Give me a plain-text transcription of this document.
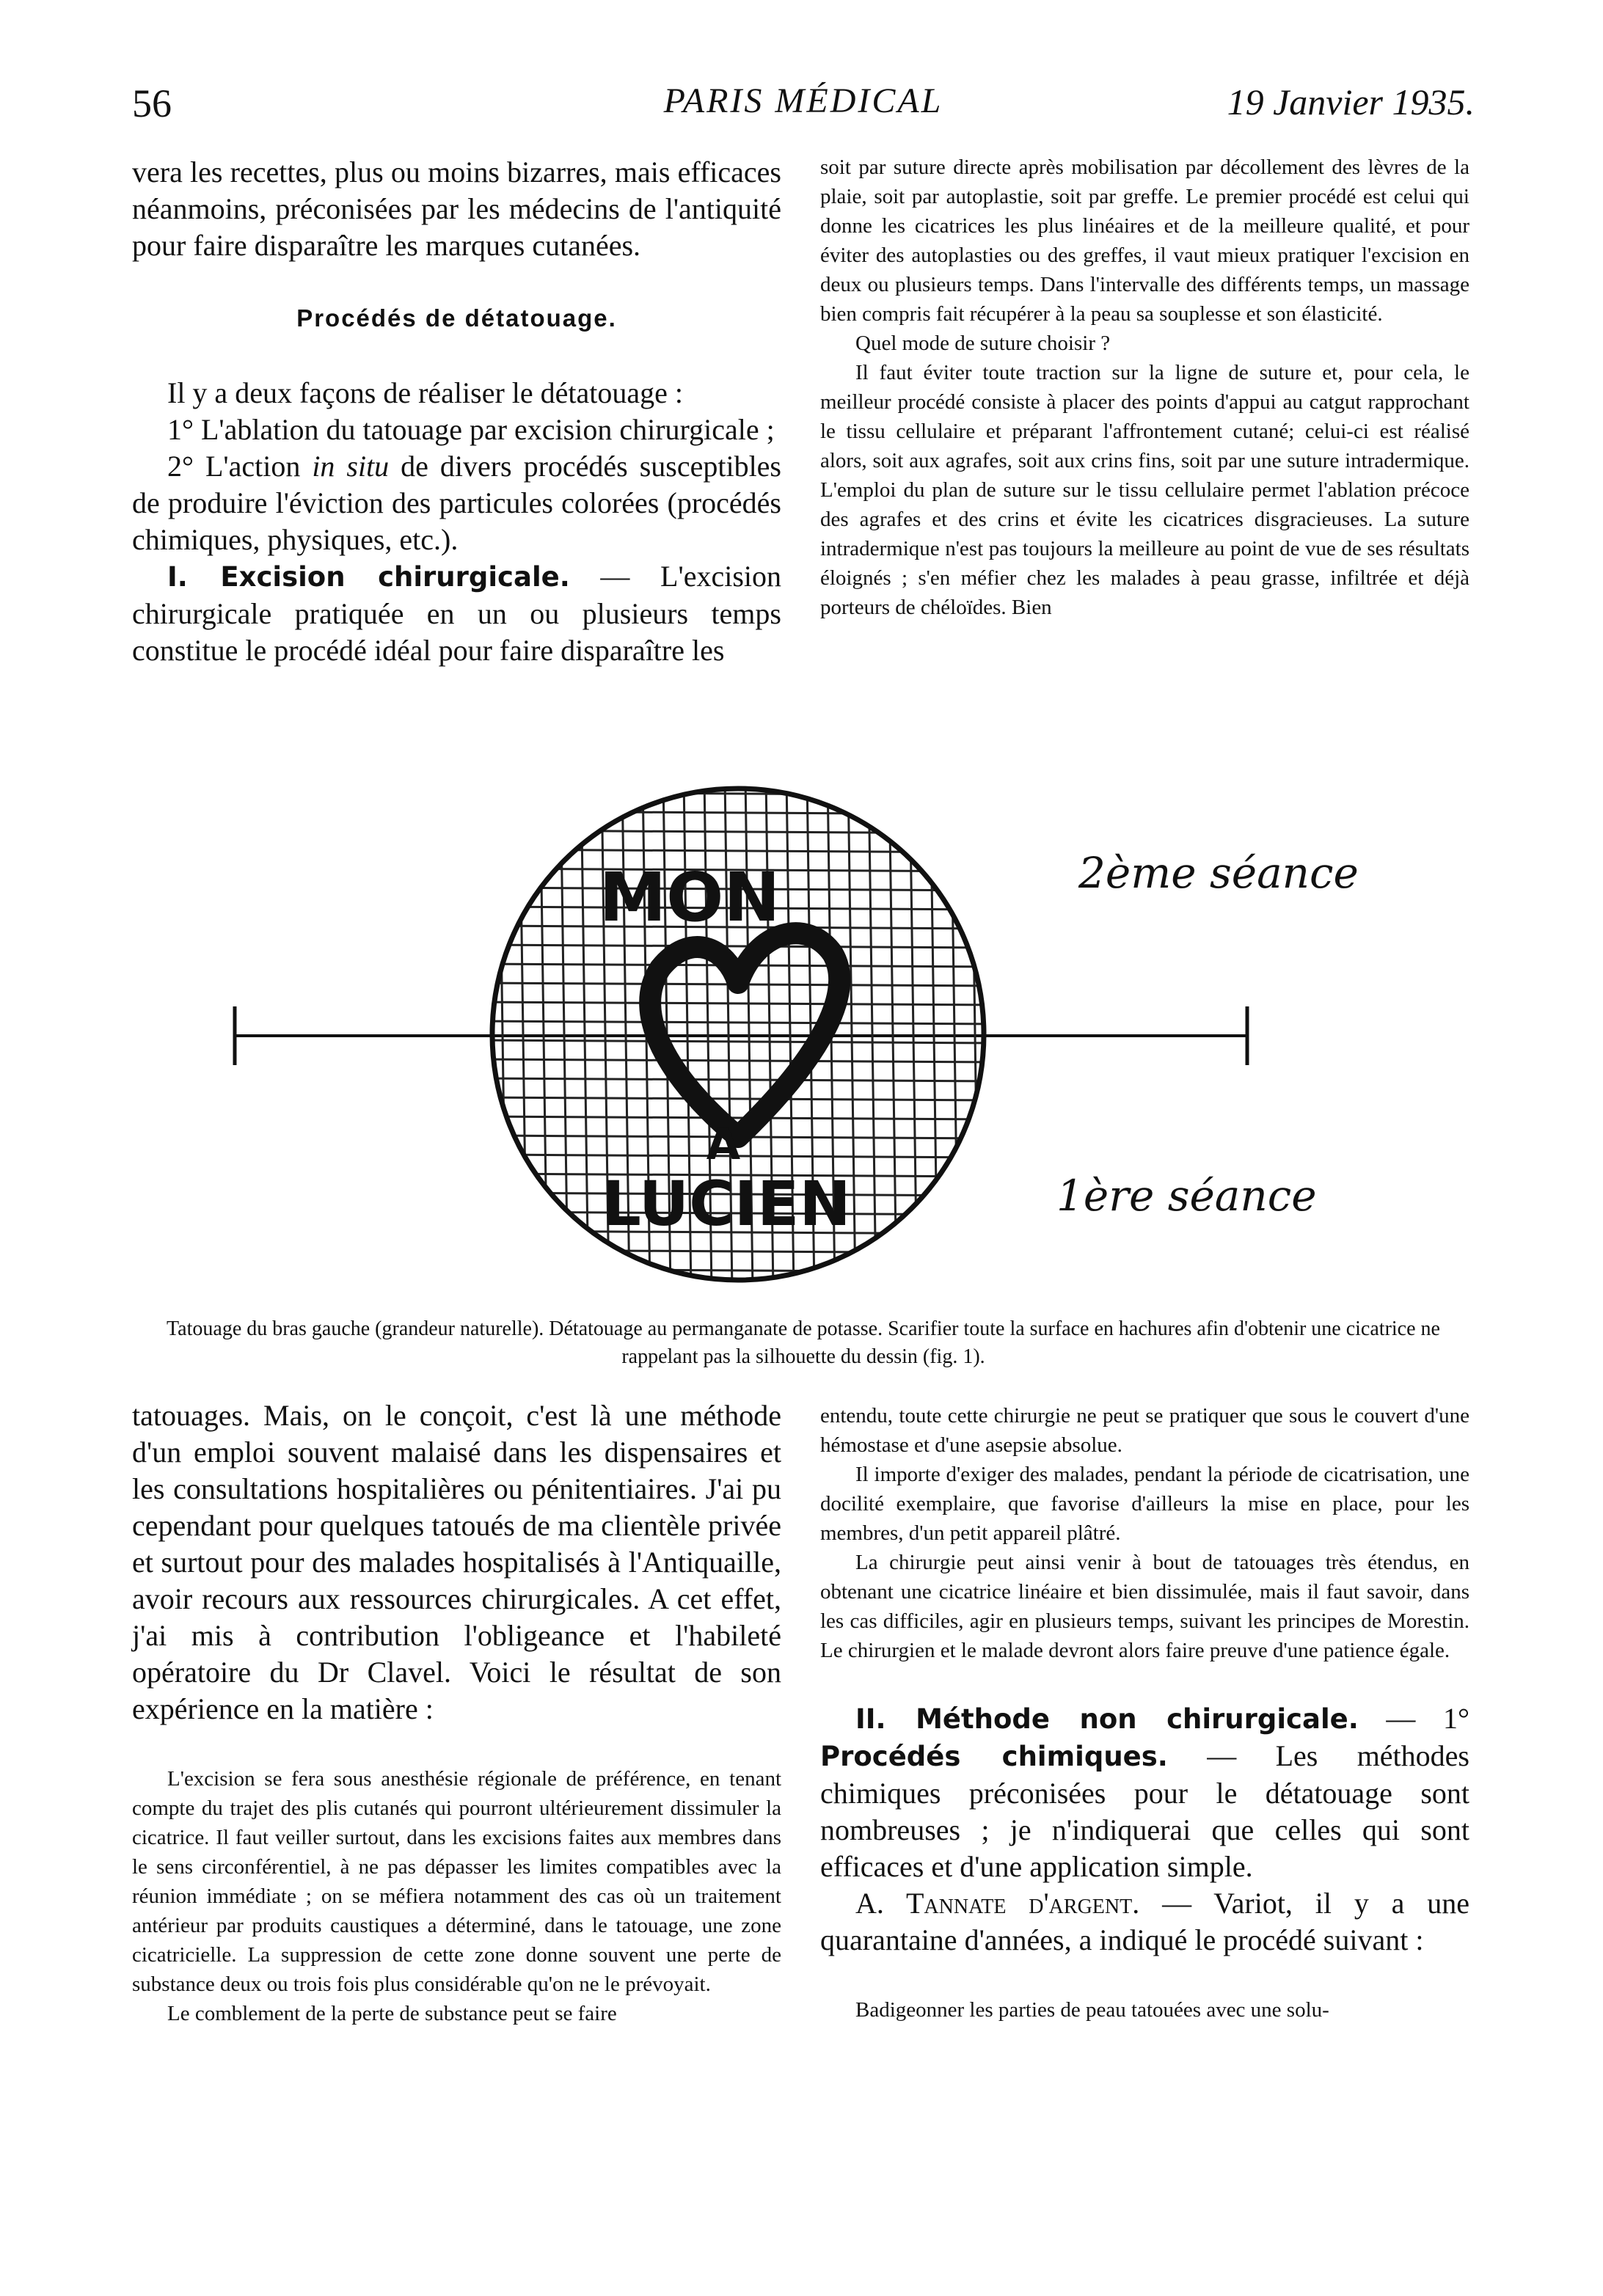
56	PARIS MÉDICAL	19 Janvier 1935.

vera les recettes, plus ou moins bizarres, mais efficaces néanmoins, préconisées par les médecins de l'antiquité pour faire disparaître les marques cutanées.

Procédés de détatouage.

Il y a deux façons de réaliser le détatouage :

1° L'ablation du tatouage par excision chirurgicale ;

2° L'action in situ de divers procédés susceptibles de produire l'éviction des particules colorées (procédés chimiques, physiques, etc.).

I. Excision chirurgicale. — L'excision chirurgicale pratiquée en un ou plusieurs temps constitue le procédé idéal pour faire disparaître les

soit par suture directe après mobilisation par décollement des lèvres de la plaie, soit par autoplastie, soit par greffe. Le premier procédé est celui qui donne les cicatrices les plus linéaires et de la meilleure qualité, et pour éviter des autoplasties ou des greffes, il vaut mieux pratiquer l'excision en deux ou plusieurs temps. Dans l'intervalle des différents temps, un massage bien compris fait récupérer à la peau sa souplesse et son élasticité.

Quel mode de suture choisir ?

Il faut éviter toute traction sur la ligne de suture et, pour cela, le meilleur procédé consiste à placer des points d'appui au catgut rapprochant le tissu cellulaire et préparant l'affrontement cutané; celui-ci est réalisé alors, soit aux agrafes, soit aux crins fins, soit par une suture intradermique. L'emploi du plan de suture sur le tissu cellulaire permet l'ablation précoce des agrafes et des crins et évite les cicatrices disgracieuses. La suture intradermique n'est pas toujours la meilleure au point de vue de ses résultats éloignés ; s'en méfier chez les malades à peau grasse, infiltrée et déjà porteurs de chéloïdes. Bien

MON
A
LUCIEN
2ème séance
1ère séance
Tatouage du bras gauche (grandeur naturelle). Détatouage au permanganate de potasse. Scarifier toute la surface en hachures afin d'obtenir une cicatrice ne rappelant pas la silhouette du dessin (fig. 1).

tatouages. Mais, on le conçoit, c'est là une méthode d'un emploi souvent malaisé dans les dispensaires et les consultations hospitalières ou pénitentiaires. J'ai pu cependant pour quelques tatoués de ma clientèle privée et surtout pour des malades hospitalisés à l'Antiquaille, avoir recours aux ressources chirurgicales. A cet effet, j'ai mis à contribution l'obligeance et l'habileté opératoire du Dr Clavel. Voici le résultat de son expérience en la matière :

L'excision se fera sous anesthésie régionale de préférence, en tenant compte du trajet des plis cutanés qui pourront ultérieurement dissimuler la cicatrice. Il faut veiller surtout, dans les excisions faites aux membres dans le sens circonférentiel, à ne pas dépasser les limites compatibles avec la réunion immédiate ; on se méfiera notamment des cas où un traitement antérieur par produits caustiques a déterminé, dans le tatouage, une zone cicatricielle. La suppression de cette zone donne souvent une perte de substance deux ou trois fois plus considérable qu'on ne le prévoyait.

Le comblement de la perte de substance peut se faire

entendu, toute cette chirurgie ne peut se pratiquer que sous le couvert d'une hémostase et d'une asepsie absolue.

Il importe d'exiger des malades, pendant la période de cicatrisation, une docilité exemplaire, que favorise d'ailleurs la mise en place, pour les membres, d'un petit appareil plâtré.

La chirurgie peut ainsi venir à bout de tatouages très étendus, en obtenant une cicatrice linéaire et bien dissimulée, mais il faut savoir, dans les cas difficiles, agir en plusieurs temps, suivant les principes de Morestin. Le chirurgien et le malade devront alors faire preuve d'une patience égale.

II. Méthode non chirurgicale. — 1° Procédés chimiques. — Les méthodes chimiques préconisées pour le détatouage sont nombreuses ; je n'indiquerai que celles qui sont efficaces et d'une application simple.

A. Tannate d'argent. — Variot, il y a une quarantaine d'années, a indiqué le procédé suivant :

Badigeonner les parties de peau tatouées avec une solu-
